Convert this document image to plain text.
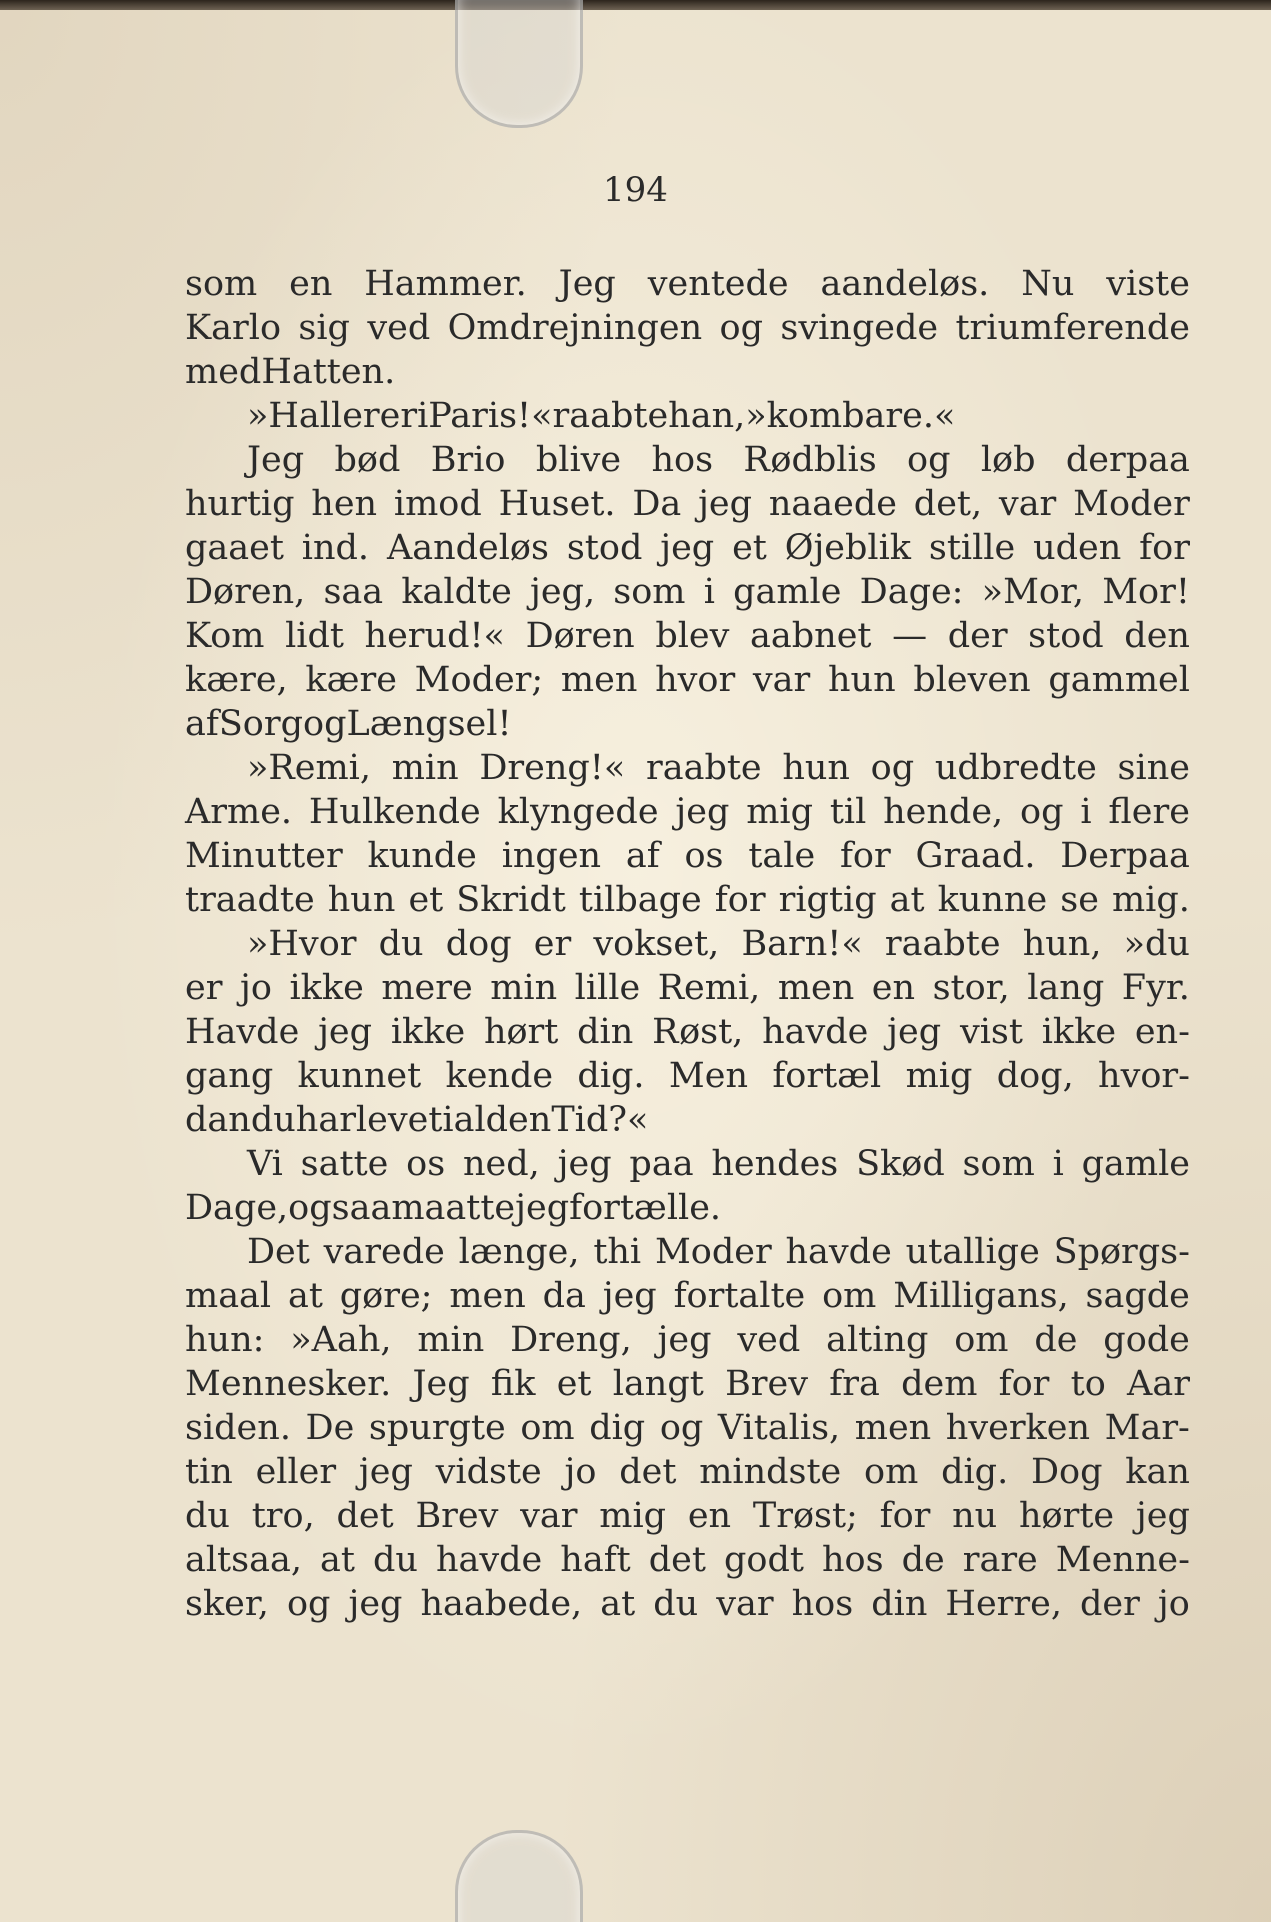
194
som en Hammer. Jeg ventede aandeløs. Nu viste
Karlo sig ved Omdrejningen og svingede triumferende
med Hatten.
»Haller er i Paris!« raabte han, »kom bare.«
Jeg bød Brio blive hos Rødblis og løb derpaa
hurtig hen imod Huset. Da jeg naaede det, var Moder
gaaet ind. Aandeløs stod jeg et Øjeblik stille uden for
Døren, saa kaldte jeg, som i gamle Dage: »Mor, Mor!
Kom lidt herud!« Døren blev aabnet — der stod den
kære, kære Moder; men hvor var hun bleven gammel
af Sorg og Længsel!
»Remi, min Dreng!« raabte hun og udbredte sine
Arme. Hulkende klyngede jeg mig til hende, og i flere
Minutter kunde ingen af os tale for Graad. Derpaa
traadte hun et Skridt tilbage for rigtig at kunne se mig.
»Hvor du dog er vokset, Barn!« raabte hun, »du
er jo ikke mere min lille Remi, men en stor, lang Fyr.
Havde jeg ikke hørt din Røst, havde jeg vist ikke en-
gang kunnet kende dig. Men fortæl mig dog, hvor-
dan du har levet i al den Tid?«
Vi satte os ned, jeg paa hendes Skød som i gamle
Dage, og saa maatte jeg fortælle.
Det varede længe, thi Moder havde utallige Spørgs-
maal at gøre; men da jeg fortalte om Milligans, sagde
hun: »Aah, min Dreng, jeg ved alting om de gode
Mennesker. Jeg fik et langt Brev fra dem for to Aar
siden. De spurgte om dig og Vitalis, men hverken Mar-
tin eller jeg vidste jo det mindste om dig. Dog kan
du tro, det Brev var mig en Trøst; for nu hørte jeg
altsaa, at du havde haft det godt hos de rare Menne-
sker, og jeg haabede, at du var hos din Herre, der jo
